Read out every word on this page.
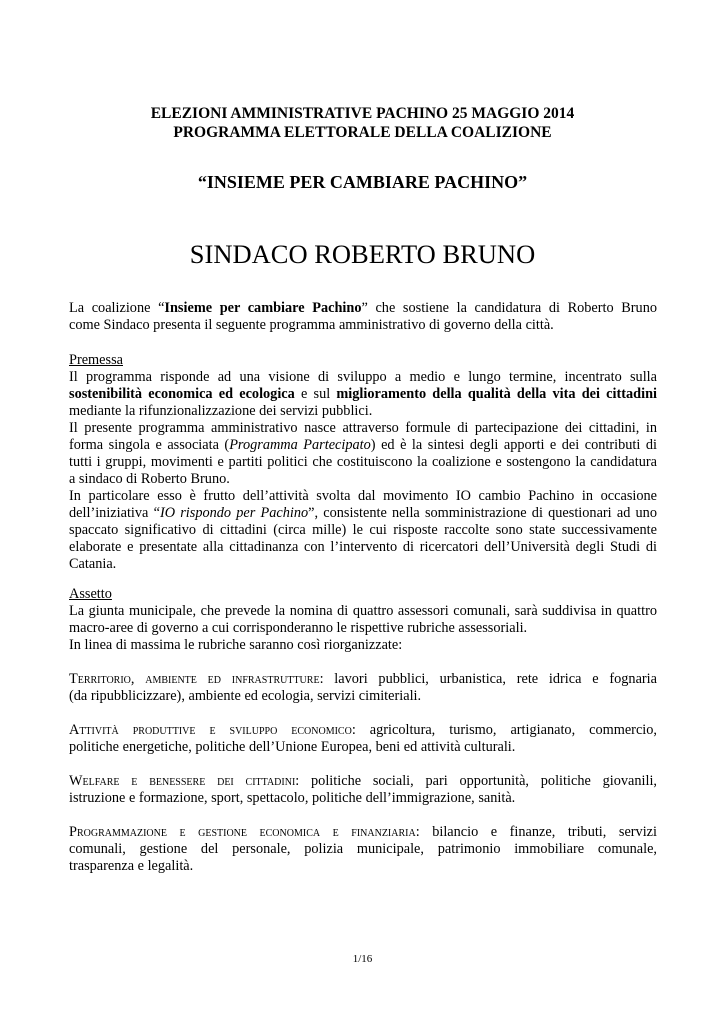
ELEZIONI AMMINISTRATIVE PACHINO 25 MAGGIO 2014
PROGRAMMA ELETTORALE DELLA COALIZIONE
“INSIEME PER CAMBIARE PACHINO”
SINDACO ROBERTO BRUNO
La coalizione “Insieme per cambiare Pachino” che sostiene la candidatura di Roberto Bruno
come Sindaco presenta il seguente programma amministrativo di governo della città.
Premessa
Il programma risponde ad una visione di sviluppo a medio e lungo termine, incentrato sulla
sostenibilità economica ed ecologica e sul miglioramento della qualità della vita dei cittadini
mediante la rifunzionalizzazione dei servizi pubblici.
Il presente programma amministrativo nasce attraverso formule di partecipazione dei cittadini, in
forma singola e associata (Programma Partecipato) ed è la sintesi degli apporti e dei contributi di
tutti i gruppi, movimenti e partiti politici che costituiscono la coalizione e sostengono la candidatura
a sindaco di Roberto Bruno.
In particolare esso è frutto dell’attività svolta dal movimento IO cambio Pachino in occasione
dell’iniziativa “IO rispondo per Pachino”, consistente nella somministrazione di questionari ad uno
spaccato significativo di cittadini (circa mille) le cui risposte raccolte sono state successivamente
elaborate e presentate alla cittadinanza con l’intervento di ricercatori dell’Università degli Studi di
Catania.
Assetto
La giunta municipale, che prevede la nomina di quattro assessori comunali, sarà suddivisa in quattro
macro-aree di governo a cui corrisponderanno le rispettive rubriche assessoriali.
In linea di massima le rubriche saranno così riorganizzate:
Territorio, ambiente ed infrastrutture: lavori pubblici, urbanistica, rete idrica e fognaria
(da ripubblicizzare), ambiente ed ecologia, servizi cimiteriali.
Attività produttive e sviluppo economico: agricoltura, turismo, artigianato, commercio,
politiche energetiche, politiche dell’Unione Europea, beni ed attività culturali.
Welfare e benessere dei cittadini: politiche sociali, pari opportunità, politiche giovanili,
istruzione e formazione, sport, spettacolo, politiche dell’immigrazione, sanità.
Programmazione e gestione economica e finanziaria: bilancio e finanze, tributi, servizi
comunali, gestione del personale, polizia municipale, patrimonio immobiliare comunale,
trasparenza e legalità.
1/16
